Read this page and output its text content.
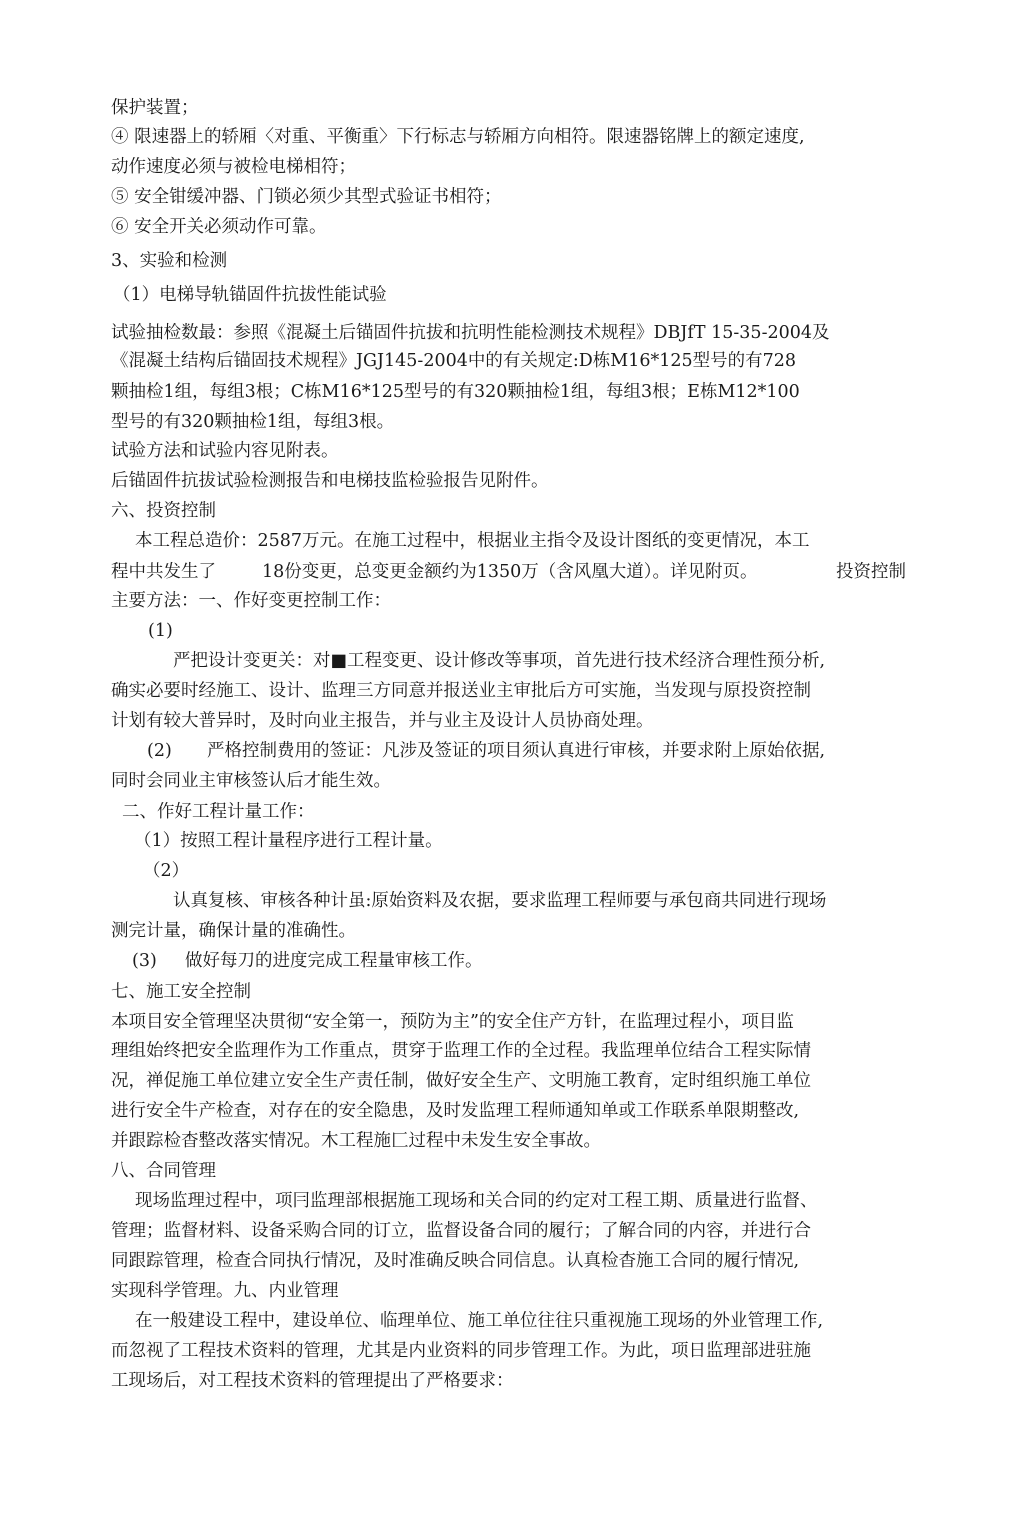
保护装置；
④ 限速器上的轿厢〈对重、平衡重〉下行标志与轿厢方向相符。限速器铭牌上的额定速度,
动作速度必须与被检电梯相符；
⑤ 安全钳缓冲器、门锁必须少其型式验证书相符；
⑥ 安全开关必须动作可靠。
3、实验和检测
（1）电梯导轨锚固件抗拔性能试验
试验抽检数最：参照《混凝土后锚固件抗拔和抗明性能检测技术规程》DBJfT 15-35-2004及
《混凝土结构后锚固技术规程》JGJ145-2004中的有关规定:D栋M16*125型号的有728
颗抽检1组，每组3根；C栋M16*125型号的有320颗抽检1组，每组3根；E栋M12*100
型号的有320颗抽检1组，每组3根。
试验方法和试验内容见附表。
后锚固件抗拔试验检测报告和电梯技监检验报告见附件。
六、投资控制
本工程总造价：2587万元。在施工过程中，根据业主指令及设计图纸的变更情况，本工
程中共发生了	18份变更，总变更金额约为1350万（含风凰大道）。详见附页。	投资控制
主要方法：一、作好变更控制工作：
(1)
严把设计变更关：对■工程变更、设计修改等事项，首先进行技术经济合理性预分析,
确实必要时经施工、设计、监理三方同意并报送业主审批后方可实施，当发现与原投资控制
计划有较大普异时，及时向业主报告，并与业主及设计人员协商处理。
(2) 严格控制费用的签证：凡涉及签证的项目须认真进行审核，并要求附上原始依据,
同时会同业主审核签认后才能生效。
二、作好工程计量工作：
（1）按照工程计量程序进行工程计量。
（2）
认真复核、审核各种计虽:原始资料及农据，要求监理工程师要与承包商共同进行现场
测完计量，确保计量的准确性。
(3) 做好每刀的进度完成工程量审核工作。
七、施工安全控制
本项目安全管理坚决贯彻“安全第一，预防为主”的安全住产方针，在监理过程小，项目监
理组始终把安全监理作为工作重点，贯穿于监理工作的全过程。我监理单位结合工程实际情
况，禅促施工单位建立安全生产责任制，做好安全生产、文明施工教育，定时组织施工单位
进行安全牛产检查，对存在的安全隐患，及时发监理工程师通知单或工作联系单限期整改,
并跟踪检杳整改落实情况。木工程施匚过程中未发生安全事故。
八、合同管理
现场监理过程中，项冃监理部根据施工现场和关合同的约定对工程工期、质量进行监督、
管理；监督材料、设备采购合同的订立，监督设备合同的履行；了解合同的内容，并进行合
同跟踪管理，检查合同执行情况，及时准确反映合同信息。认真检杳施工合同的履行情况,
实现科学管理。九、内业管理
在一般建设工程中，建设单位、临理单位、施工单位往往只重视施工现场的外业管理工作,
而忽视了工程技术资料的管理，尤其是内业资料的同步管理工作。为此，项日监理部进驻施
工现场后，对工程技术资料的管理提出了严格要求：
